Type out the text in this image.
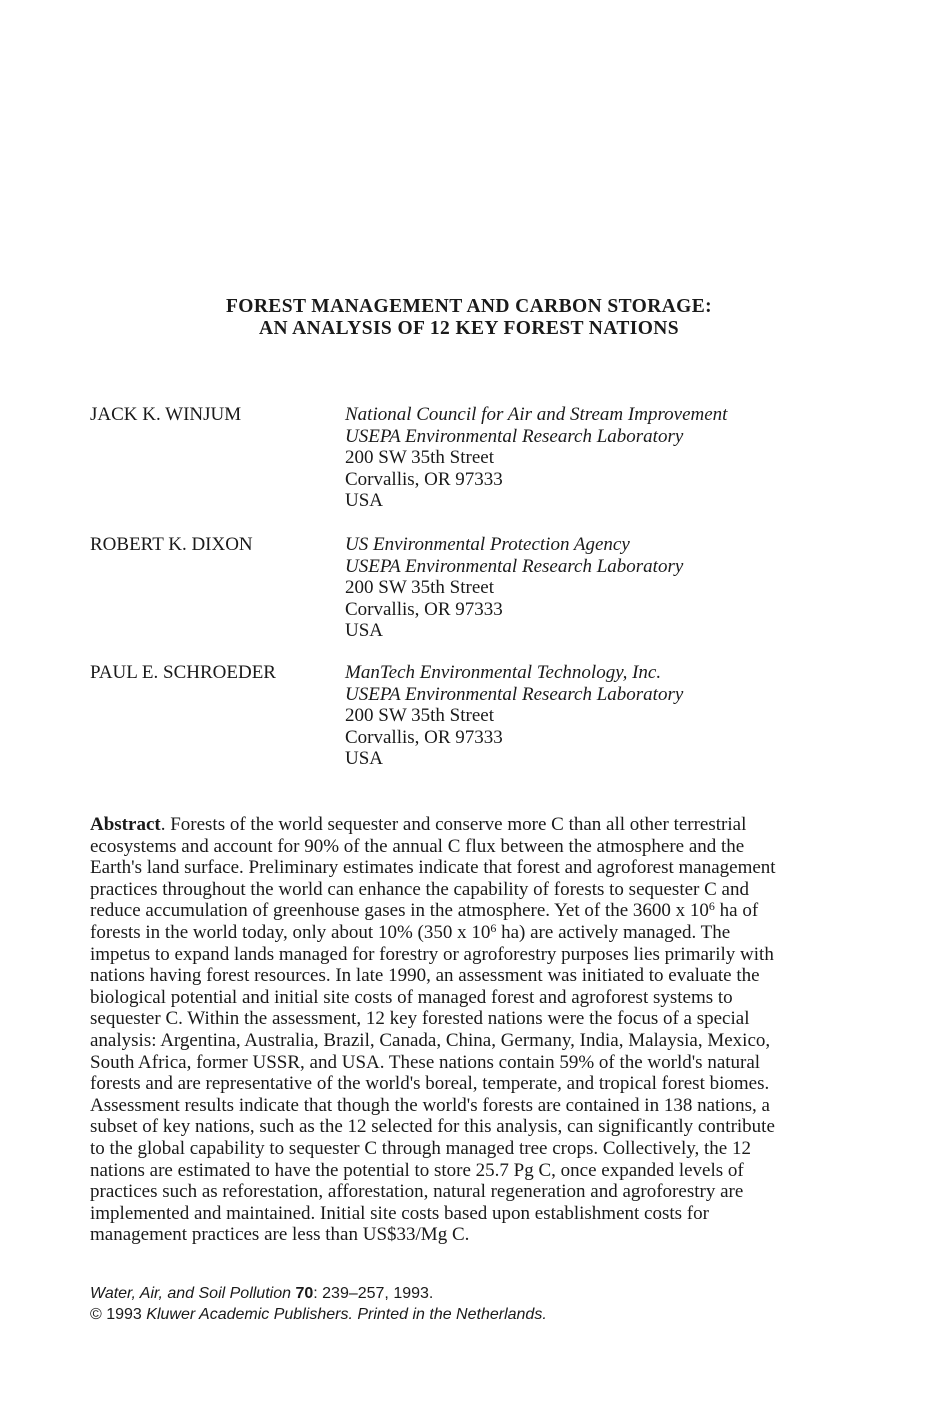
FOREST MANAGEMENT AND CARBON STORAGE:
AN ANALYSIS OF 12 KEY FOREST NATIONS
JACK K. WINJUM	National Council for Air and Stream Improvement
USEPA Environmental Research Laboratory
200 SW 35th Street
Corvallis, OR 97333
USA
ROBERT K. DIXON	US Environmental Protection Agency
USEPA Environmental Research Laboratory
200 SW 35th Street
Corvallis, OR 97333
USA
PAUL E. SCHROEDER	ManTech Environmental Technology, Inc.
USEPA Environmental Research Laboratory
200 SW 35th Street
Corvallis, OR 97333
USA
Abstract. Forests of the world sequester and conserve more C than all other terrestrial
ecosystems and account for 90% of the annual C flux between the atmosphere and the
Earth's land surface. Preliminary estimates indicate that forest and agroforest management
practices throughout the world can enhance the capability of forests to sequester C and
reduce accumulation of greenhouse gases in the atmosphere. Yet of the 3600 x $10^6$ ha of
forests in the world today, only about 10% (350 x $10^6$ ha) are actively managed. The
impetus to expand lands managed for forestry or agroforestry purposes lies primarily with
nations having forest resources. In late 1990, an assessment was initiated to evaluate the
biological potential and initial site costs of managed forest and agroforest systems to
sequester C. Within the assessment, 12 key forested nations were the focus of a special
analysis: Argentina, Australia, Brazil, Canada, China, Germany, India, Malaysia, Mexico,
South Africa, former USSR, and USA. These nations contain 59% of the world's natural
forests and are representative of the world's boreal, temperate, and tropical forest biomes.
Assessment results indicate that though the world's forests are contained in 138 nations, a
subset of key nations, such as the 12 selected for this analysis, can significantly contribute
to the global capability to sequester C through managed tree crops. Collectively, the 12
nations are estimated to have the potential to store 25.7 Pg C, once expanded levels of
practices such as reforestation, afforestation, natural regeneration and agroforestry are
implemented and maintained. Initial site costs based upon establishment costs for
management practices are less than US$33/Mg C.
Water, Air, and Soil Pollution 70: 239–257, 1993.
© 1993 Kluwer Academic Publishers. Printed in the Netherlands.
